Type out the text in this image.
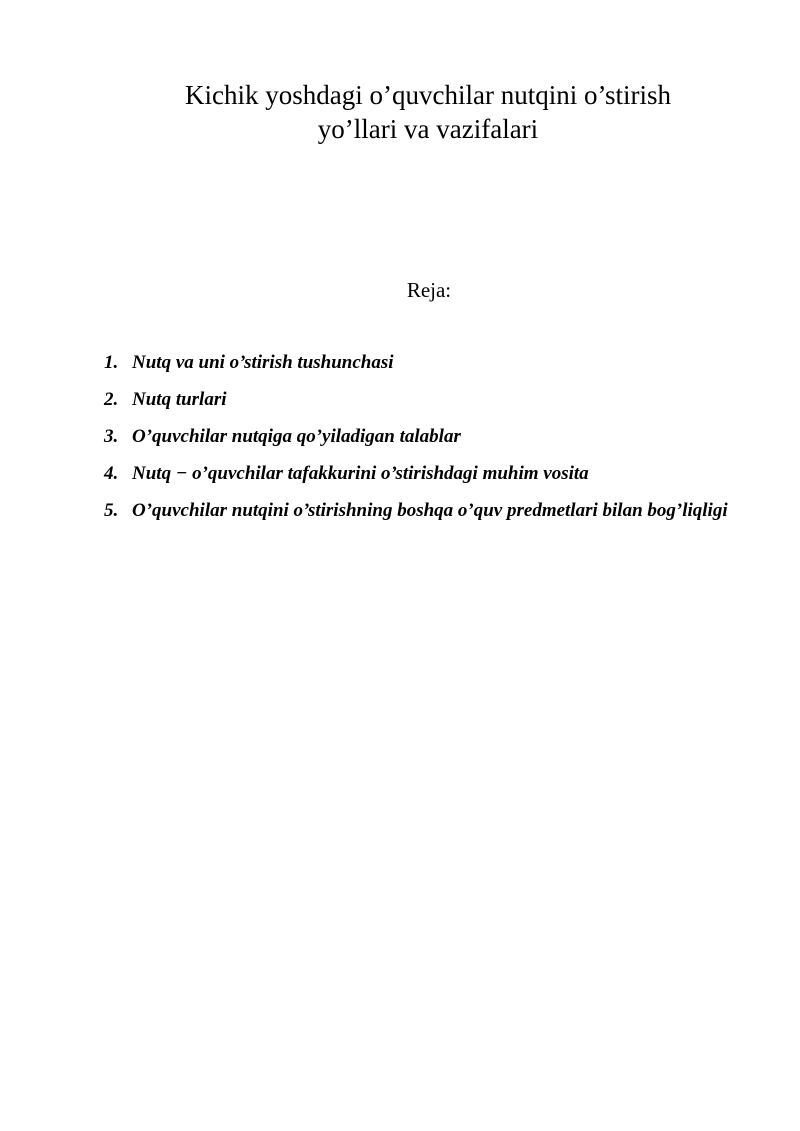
Kichik yoshdagi o’quvchilar nutqini o’stirish
yo’llari va vazifalari
Reja:
1. Nutq va uni o’stirish tushunchasi
2. Nutq turlari
3. O’quvchilar nutqiga qo’yiladigan talablar
4. Nutq − o’quvchilar tafakkurini o’stirishdagi muhim vosita
5. O’quvchilar nutqini o’stirishning boshqa o’quv predmetlari bilan bog’liqligi
